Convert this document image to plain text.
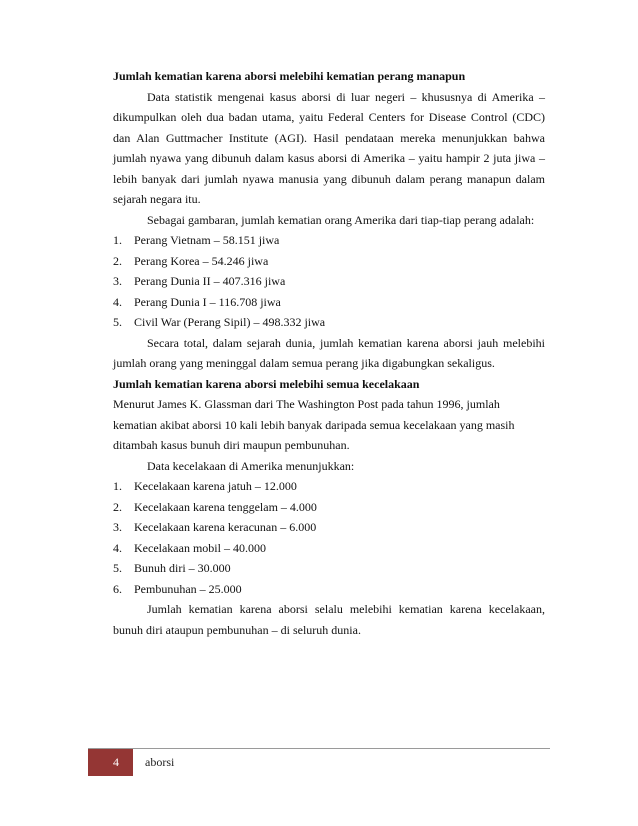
Jumlah kematian karena aborsi melebihi kematian perang manapun

Data statistik mengenai kasus aborsi di luar negeri – khususnya di Amerika – dikumpulkan oleh dua badan utama, yaitu Federal Centers for Disease Control (CDC) dan Alan Guttmacher Institute (AGI). Hasil pendataan mereka menunjukkan bahwa jumlah nyawa yang dibunuh dalam kasus aborsi di Amerika – yaitu hampir 2 juta jiwa – lebih banyak dari jumlah nyawa manusia yang dibunuh dalam perang manapun dalam sejarah negara itu.

Sebagai gambaran, jumlah kematian orang Amerika dari tiap-tiap perang adalah:

1. Perang Vietnam – 58.151 jiwa
2. Perang Korea – 54.246 jiwa
3. Perang Dunia II – 407.316 jiwa
4. Perang Dunia I – 116.708 jiwa
5. Civil War (Perang Sipil) – 498.332 jiwa

Secara total, dalam sejarah dunia, jumlah kematian karena aborsi jauh melebihi jumlah orang yang meninggal dalam semua perang jika digabungkan sekaligus.

Jumlah kematian karena aborsi melebihi semua kecelakaan

Menurut James K. Glassman dari The Washington Post pada tahun 1996, jumlah kematian akibat aborsi 10 kali lebih banyak daripada semua kecelakaan yang masih ditambah kasus bunuh diri maupun pembunuhan.

Data kecelakaan di Amerika menunjukkan:

1. Kecelakaan karena jatuh – 12.000
2. Kecelakaan karena tenggelam – 4.000
3. Kecelakaan karena keracunan – 6.000
4. Kecelakaan mobil – 40.000
5. Bunuh diri – 30.000
6. Pembunuhan – 25.000

Jumlah kematian karena aborsi selalu melebihi kematian karena kecelakaan, bunuh diri ataupun pembunuhan – di seluruh dunia.

4	aborsi
